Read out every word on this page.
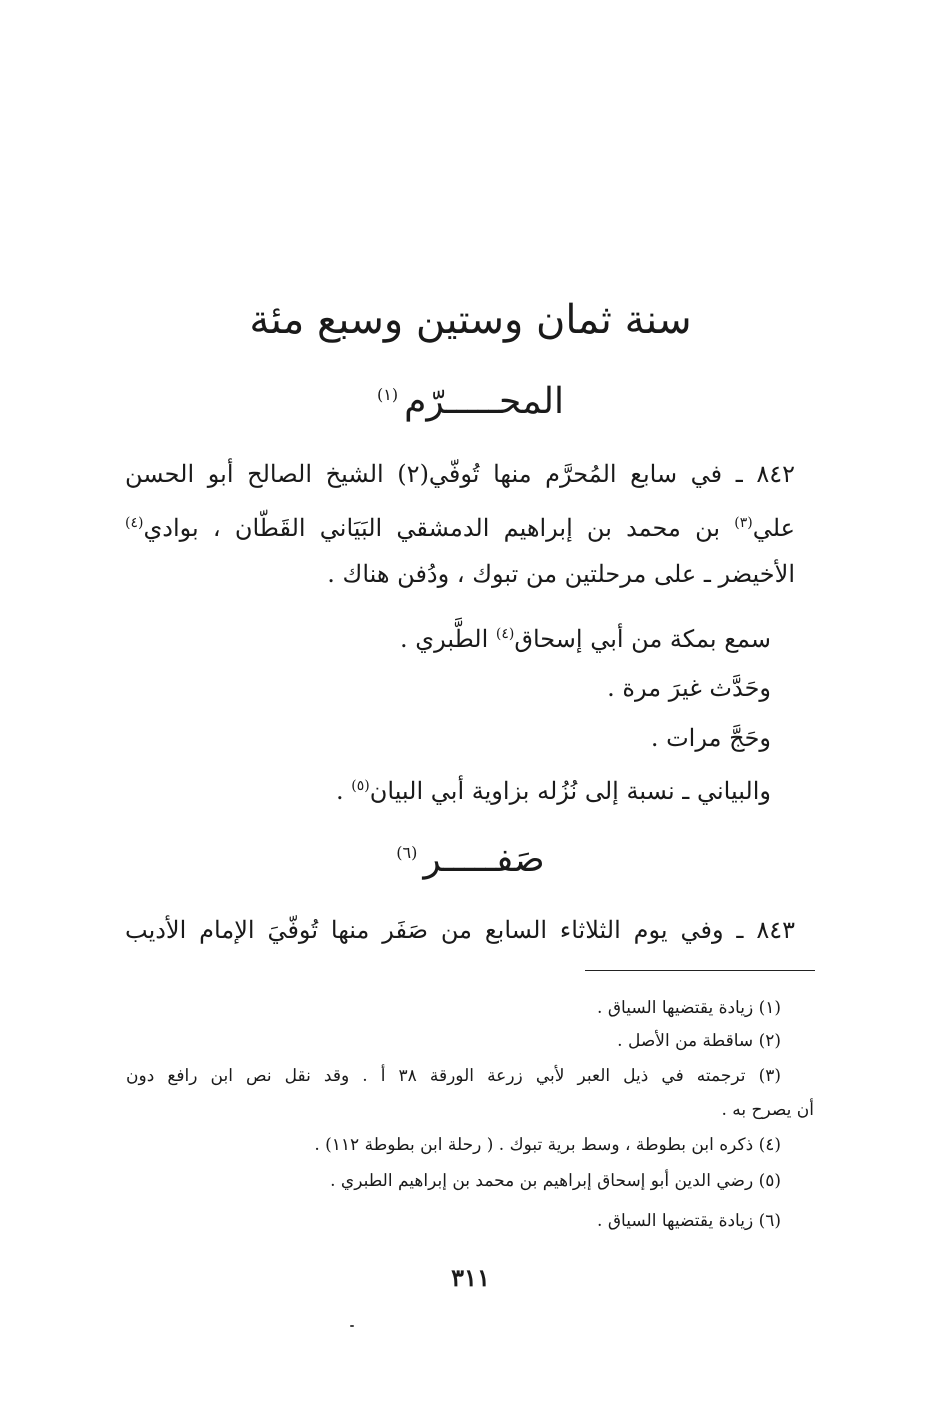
سنة ثمان وستين وسبع مئة
المحـــــرّم$^{(١)}$
٨٤٢ ـ في سابع المُحرَّم منها تُوفّي(٢) الشيخ الصالح أبو الحسن
علي$^{(٣)}$ بن محمد بن إبراهيم الدمشقي البَيَاني القَطّان ، بوادي$^{(٤)}$
الأخيضر ـ على مرحلتين من تبوك ، ودُفن هناك .
سمع بمكة من أبي إسحاق$^{(٤)}$ الطَّبري .
وحَدَّث غيرَ مرة .
وحَجَّ مرات .
والبياني ـ نسبة إلى نُزُله بزاوية أبي البيان$^{(٥)}$ .
صَفـــــر$^{(٦)}$
٨٤٣ ـ وفي يوم الثلاثاء السابع من صَفَر منها تُوفّيَ الإمام الأديب
(١) زيادة يقتضيها السياق .
(٢) ساقطة من الأصل .
(٣) ترجمته في ذيل العبر لأبي زرعة الورقة ٣٨ أ . وقد نقل نص ابن رافع دون
أن يصرح به .
(٤) ذكره ابن بطوطة ، وسط برية تبوك . ( رحلة ابن بطوطة ١١٢) .
(٥) رضي الدين أبو إسحاق إبراهيم بن محمد بن إبراهيم الطبري .
(٦) زيادة يقتضيها السياق .
٣١١
